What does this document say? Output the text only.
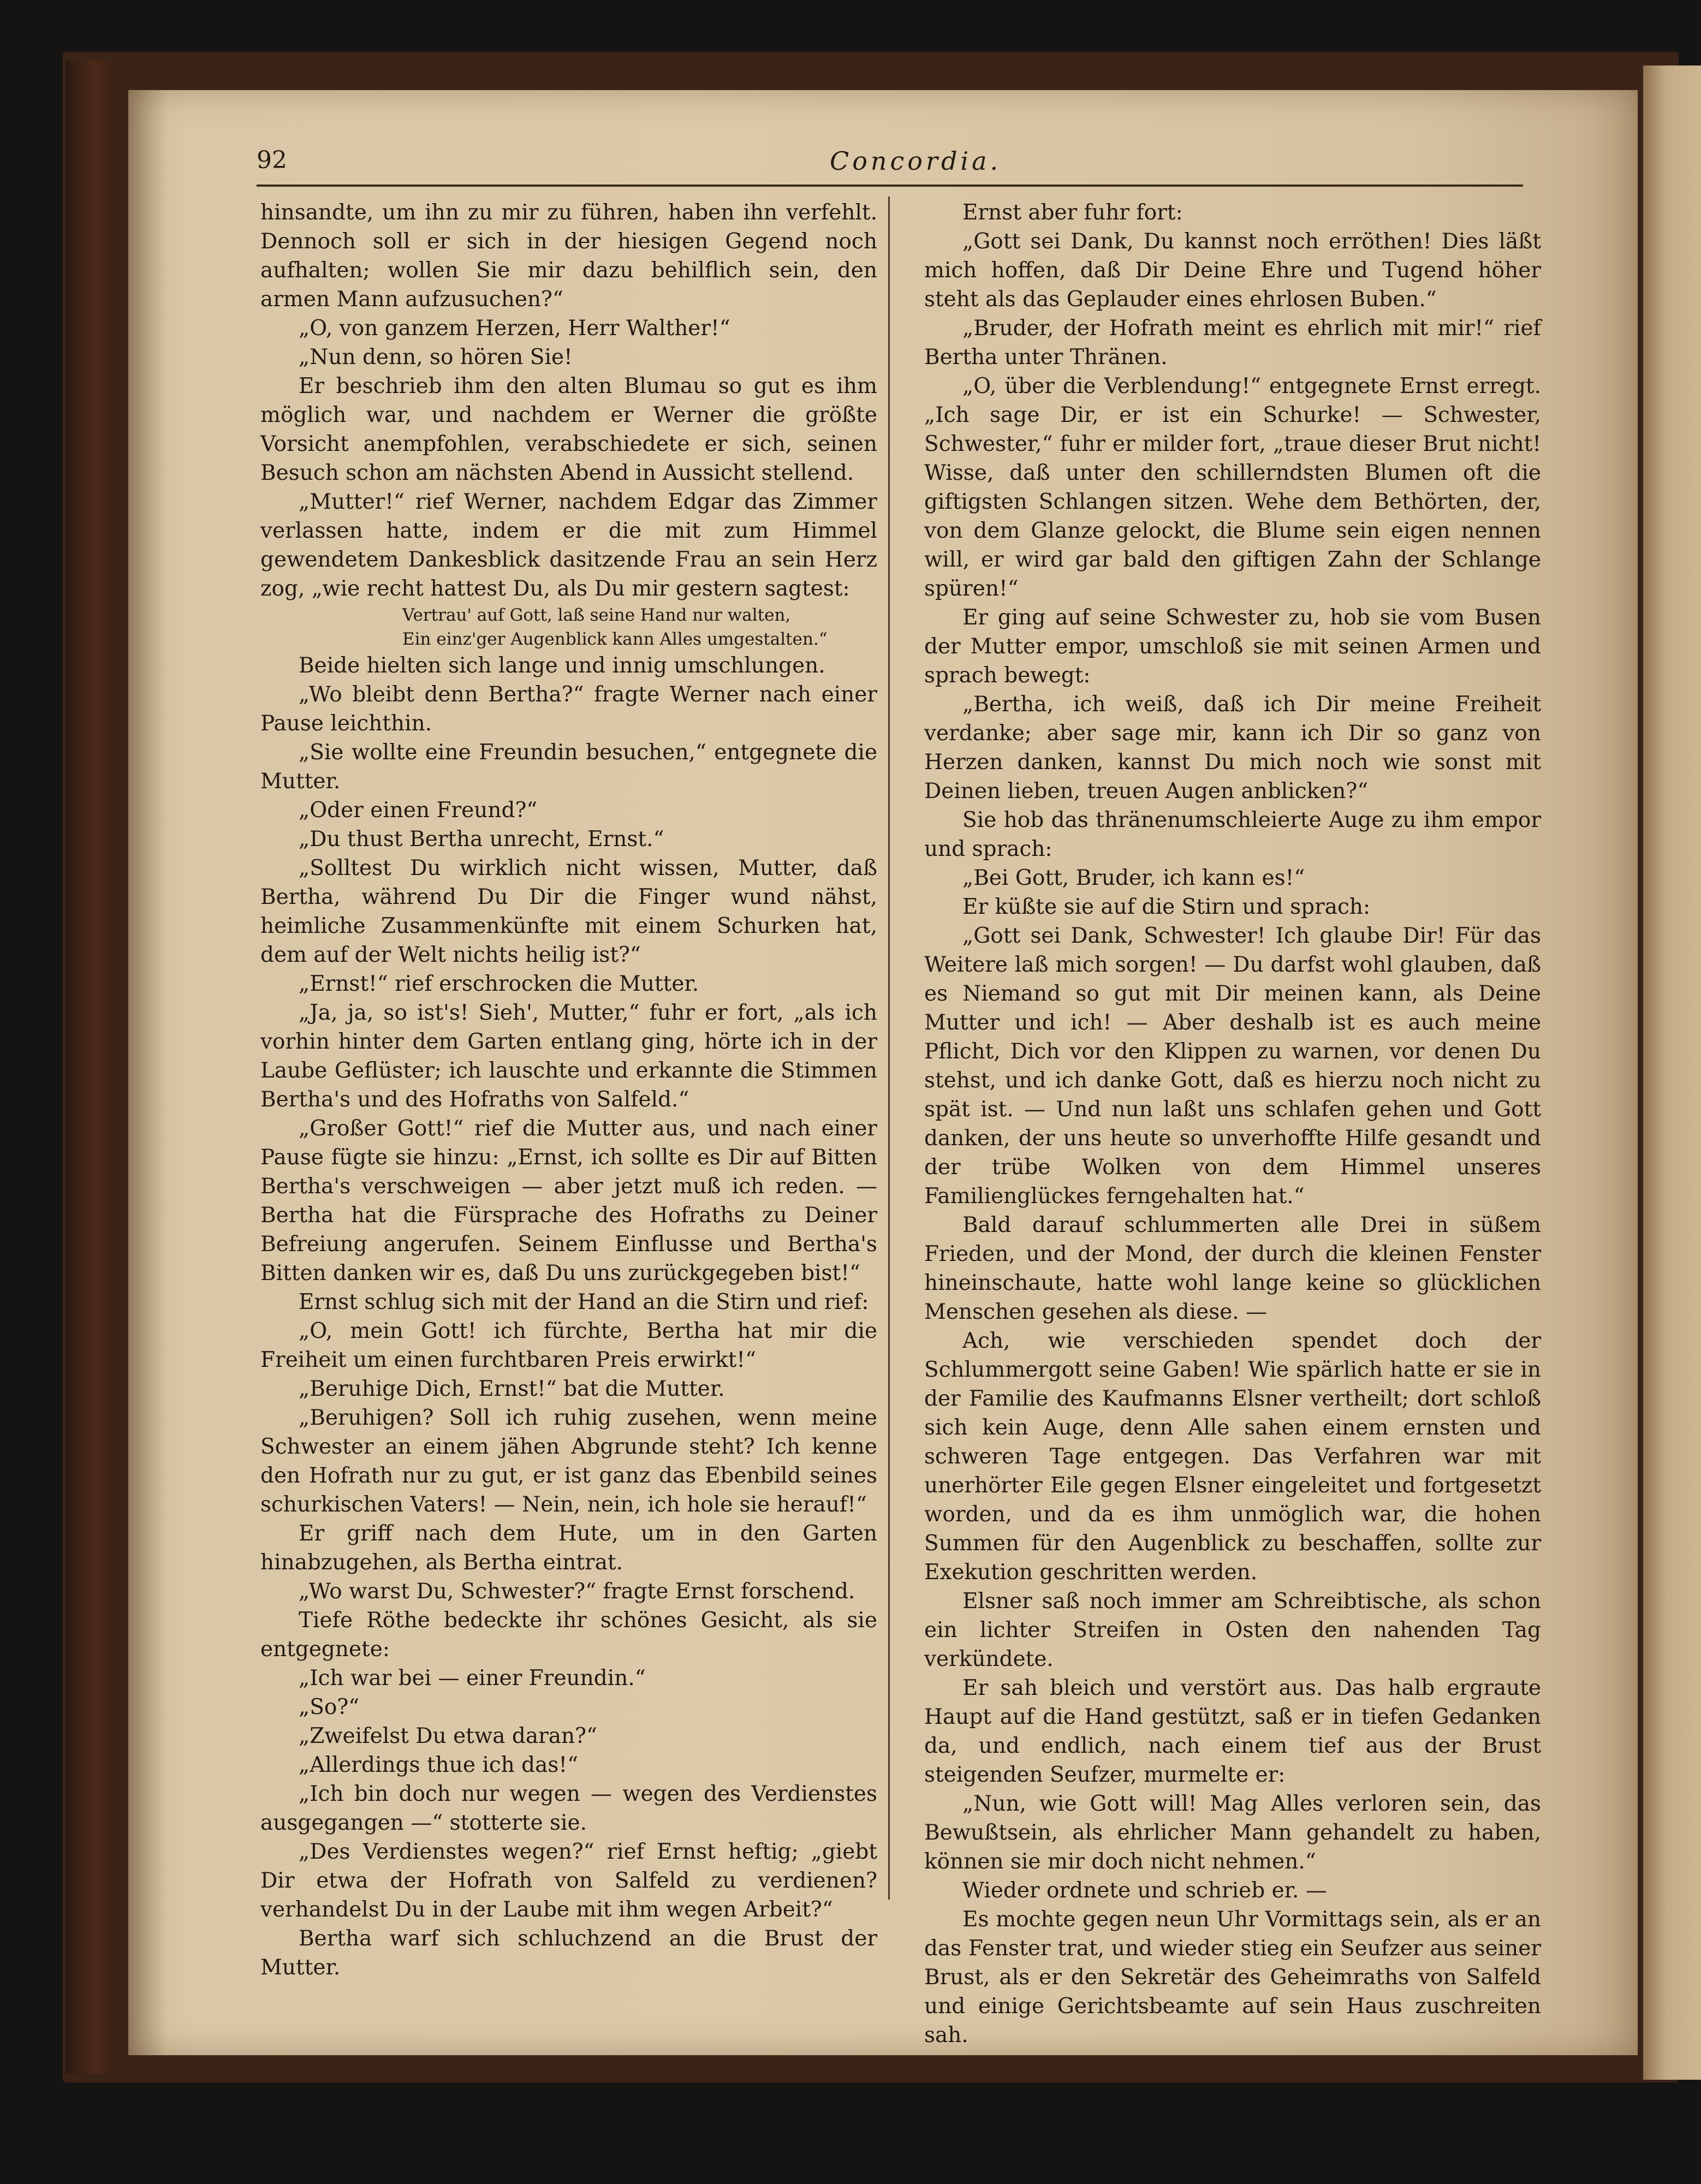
92	Concordia.

hinsandte, um ihn zu mir zu führen, haben ihn verfehlt. Dennoch soll er sich in der hiesigen Gegend noch aufhalten; wollen Sie mir dazu behilflich sein, den armen Mann aufzusuchen?“

„O, von ganzem Herzen, Herr Walther!“

„Nun denn, so hören Sie!

Er beschrieb ihm den alten Blumau so gut es ihm möglich war, und nachdem er Werner die größte Vorsicht anempfohlen, verabschiedete er sich, seinen Besuch schon am nächsten Abend in Aussicht stellend.

„Mutter!“ rief Werner, nachdem Edgar das Zimmer verlassen hatte, indem er die mit zum Himmel gewendetem Dankesblick dasitzende Frau an sein Herz zog, „wie recht hattest Du, als Du mir gestern sagtest:

Vertrau' auf Gott, laß seine Hand nur walten,

Ein einz'ger Augenblick kann Alles umgestalten.“

Beide hielten sich lange und innig umschlungen.

„Wo bleibt denn Bertha?“ fragte Werner nach einer Pause leichthin.

„Sie wollte eine Freundin besuchen,“ entgegnete die Mutter.

„Oder einen Freund?“

„Du thust Bertha unrecht, Ernst.“

„Solltest Du wirklich nicht wissen, Mutter, daß Bertha, während Du Dir die Finger wund nähst, heimliche Zusammenkünfte mit einem Schurken hat, dem auf der Welt nichts heilig ist?“

„Ernst!“ rief erschrocken die Mutter.

„Ja, ja, so ist's! Sieh', Mutter,“ fuhr er fort, „als ich vorhin hinter dem Garten entlang ging, hörte ich in der Laube Geflüster; ich lauschte und erkannte die Stimmen Bertha's und des Hofraths von Salfeld.“

„Großer Gott!“ rief die Mutter aus, und nach einer Pause fügte sie hinzu: „Ernst, ich sollte es Dir auf Bitten Bertha's verschweigen — aber jetzt muß ich reden. — Bertha hat die Fürsprache des Hofraths zu Deiner Befreiung angerufen. Seinem Einflusse und Bertha's Bitten danken wir es, daß Du uns zurückgegeben bist!“

Ernst schlug sich mit der Hand an die Stirn und rief:

„O, mein Gott! ich fürchte, Bertha hat mir die Freiheit um einen furchtbaren Preis erwirkt!“

„Beruhige Dich, Ernst!“ bat die Mutter.

„Beruhigen? Soll ich ruhig zusehen, wenn meine Schwester an einem jähen Abgrunde steht? Ich kenne den Hofrath nur zu gut, er ist ganz das Ebenbild seines schurkischen Vaters! — Nein, nein, ich hole sie herauf!“

Er griff nach dem Hute, um in den Garten hinabzugehen, als Bertha eintrat.

„Wo warst Du, Schwester?“ fragte Ernst forschend.

Tiefe Röthe bedeckte ihr schönes Gesicht, als sie entgegnete:

„Ich war bei — einer Freundin.“

„So?“

„Zweifelst Du etwa daran?“

„Allerdings thue ich das!“

„Ich bin doch nur wegen — wegen des Verdienstes ausgegangen —“ stotterte sie.

„Des Verdienstes wegen?“ rief Ernst heftig; „giebt Dir etwa der Hofrath von Salfeld zu verdienen? verhandelst Du in der Laube mit ihm wegen Arbeit?“

Bertha warf sich schluchzend an die Brust der Mutter.

Ernst aber fuhr fort:

„Gott sei Dank, Du kannst noch erröthen! Dies läßt mich hoffen, daß Dir Deine Ehre und Tugend höher steht als das Geplauder eines ehrlosen Buben.“

„Bruder, der Hofrath meint es ehrlich mit mir!“ rief Bertha unter Thränen.

„O, über die Verblendung!“ entgegnete Ernst erregt. „Ich sage Dir, er ist ein Schurke! — Schwester, Schwester,“ fuhr er milder fort, „traue dieser Brut nicht! Wisse, daß unter den schillerndsten Blumen oft die giftigsten Schlangen sitzen. Wehe dem Bethörten, der, von dem Glanze gelockt, die Blume sein eigen nennen will, er wird gar bald den giftigen Zahn der Schlange spüren!“

Er ging auf seine Schwester zu, hob sie vom Busen der Mutter empor, umschloß sie mit seinen Armen und sprach bewegt:

„Bertha, ich weiß, daß ich Dir meine Freiheit verdanke; aber sage mir, kann ich Dir so ganz von Herzen danken, kannst Du mich noch wie sonst mit Deinen lieben, treuen Augen anblicken?“

Sie hob das thränenumschleierte Auge zu ihm empor und sprach:

„Bei Gott, Bruder, ich kann es!“

Er küßte sie auf die Stirn und sprach:

„Gott sei Dank, Schwester! Ich glaube Dir! Für das Weitere laß mich sorgen! — Du darfst wohl glauben, daß es Niemand so gut mit Dir meinen kann, als Deine Mutter und ich! — Aber deshalb ist es auch meine Pflicht, Dich vor den Klippen zu warnen, vor denen Du stehst, und ich danke Gott, daß es hierzu noch nicht zu spät ist. — Und nun laßt uns schlafen gehen und Gott danken, der uns heute so unverhoffte Hilfe gesandt und der trübe Wolken von dem Himmel unseres Familienglückes ferngehalten hat.“

Bald darauf schlummerten alle Drei in süßem Frieden, und der Mond, der durch die kleinen Fenster hineinschaute, hatte wohl lange keine so glücklichen Menschen gesehen als diese. —

Ach, wie verschieden spendet doch der Schlummergott seine Gaben! Wie spärlich hatte er sie in der Familie des Kaufmanns Elsner vertheilt; dort schloß sich kein Auge, denn Alle sahen einem ernsten und schweren Tage entgegen. Das Verfahren war mit unerhörter Eile gegen Elsner eingeleitet und fortgesetzt worden, und da es ihm unmöglich war, die hohen Summen für den Augenblick zu beschaffen, sollte zur Exekution geschritten werden.

Elsner saß noch immer am Schreibtische, als schon ein lichter Streifen in Osten den nahenden Tag verkündete.

Er sah bleich und verstört aus. Das halb ergraute Haupt auf die Hand gestützt, saß er in tiefen Gedanken da, und endlich, nach einem tief aus der Brust steigenden Seufzer, murmelte er:

„Nun, wie Gott will! Mag Alles verloren sein, das Bewußtsein, als ehrlicher Mann gehandelt zu haben, können sie mir doch nicht nehmen.“

Wieder ordnete und schrieb er. —

Es mochte gegen neun Uhr Vormittags sein, als er an das Fenster trat, und wieder stieg ein Seufzer aus seiner Brust, als er den Sekretär des Geheimraths von Salfeld und einige Gerichtsbeamte auf sein Haus zuschreiten sah.
